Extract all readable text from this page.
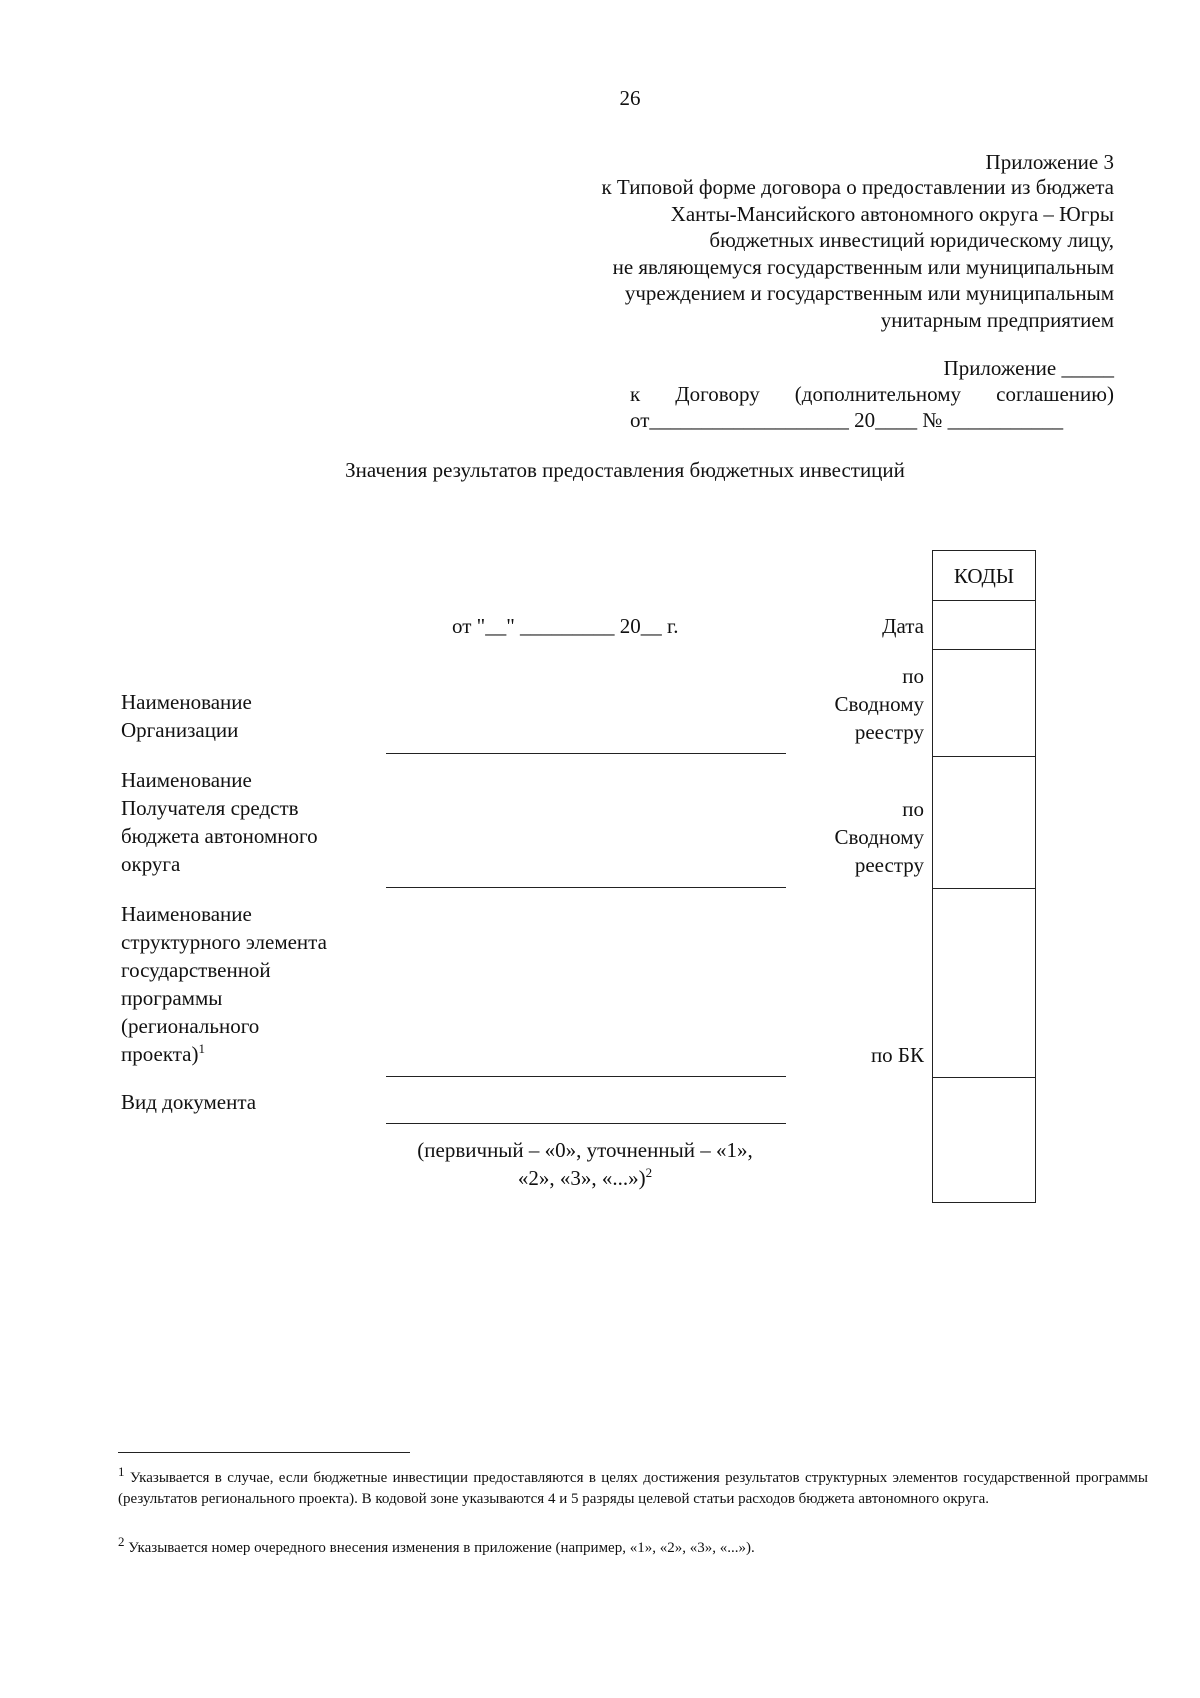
26
Приложение 3
к Типовой форме договора о предоставлении из бюджета
Ханты-Мансийского автономного округа – Югры
бюджетных инвестиций юридическому лицу,
не являющемуся государственным или муниципальным
учреждением и государственным или муниципальным
унитарным предприятием
Приложение _____
к Договору (дополнительному соглашению)
от___________________ 20____ № ___________
Значения результатов предоставления бюджетных инвестиций
КОДЫ
от "__" _________ 20__ г.	Дата
Наименование
Организации
по
Сводному
реестру
Наименование
Получателя средств
бюджета автономного
округа
по
Сводному
реестру
Наименование
структурного элемента
государственной
программы
(регионального
проекта)$^1$	по БК
Вид документа
(первичный – «0», уточненный – «1»,
«2», «3», «...»)$^2$
$^1$ Указывается в случае, если бюджетные инвестиции предоставляются в целях достижения результатов структурных элементов государственной программы (результатов регионального проекта). В кодовой зоне указываются 4 и 5 разряды целевой статьи расходов бюджета автономного округа.
$^2$ Указывается номер очередного внесения изменения в приложение (например, «1», «2», «3», «...»).
